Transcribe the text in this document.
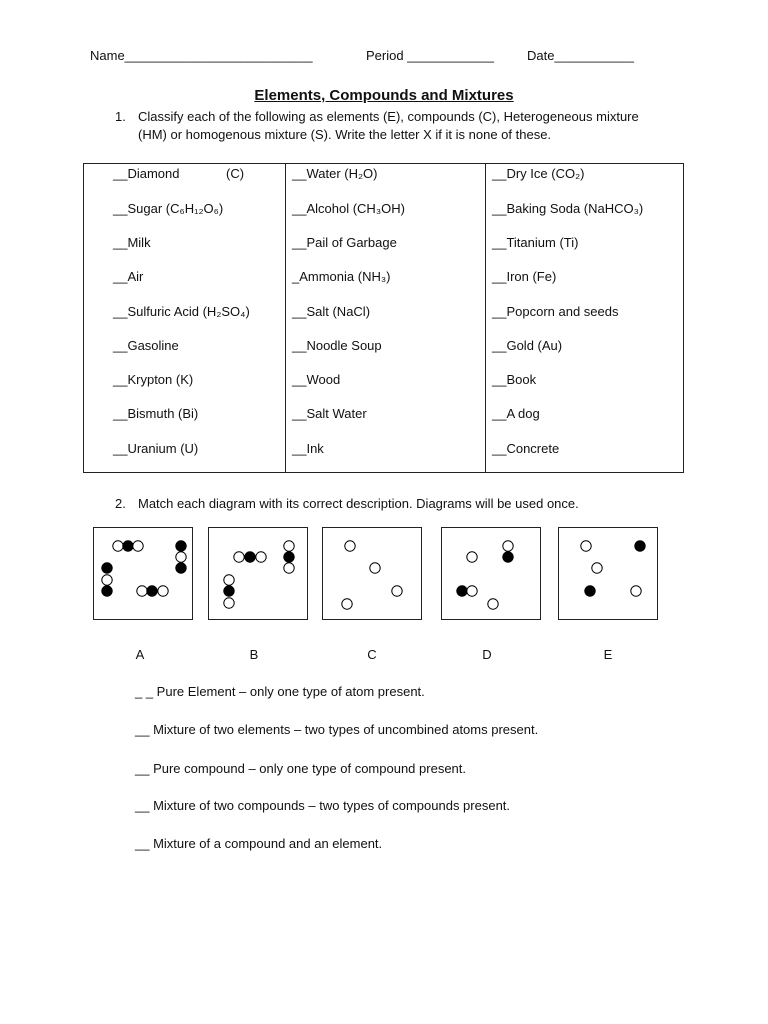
Name__________________________	Period ____________	Date___________
Elements, Compounds and Mixtures
1. Classify each of the following as elements (E), compounds (C), Heterogeneous mixture
(HM) or homogenous mixture (S). Write the letter X if it is none of these.
__Diamond	(C)
__Sugar (C₆H₁₂O₆)
__Milk
__Air
__Sulfuric Acid (H₂SO₄)
__Gasoline
__Krypton (K)
__Bismuth (Bi)
__Uranium (U)
__Water (H₂O)
__Alcohol (CH₃OH)
__Pail of Garbage
_Ammonia (NH₃)
__Salt (NaCl)
__Noodle Soup
__Wood
__Salt Water
__Ink
__Dry Ice (CO₂)
__Baking Soda (NaHCO₃)
__Titanium (Ti)
__Iron (Fe)
__Popcorn and seeds
__Gold (Au)
__Book
__A dog
__Concrete
2. Match each diagram with its correct description. Diagrams will be used once.
A	B	C	D	E
_ _ Pure Element – only one type of atom present.
__ Mixture of two elements – two types of uncombined atoms present.
__ Pure compound – only one type of compound present.
__ Mixture of two compounds – two types of compounds present.
__ Mixture of a compound and an element.
